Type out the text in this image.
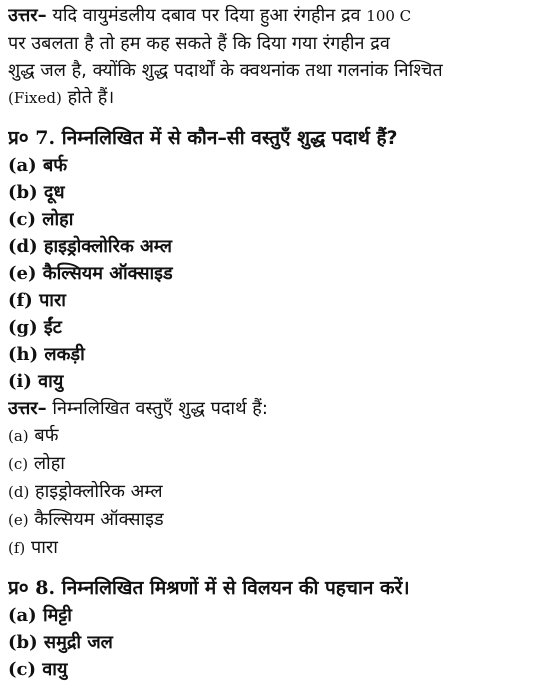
उत्तर– यदि वायुमंडलीय दबाव पर दिया हुआ रंगहीन द्रव 100 C

पर उबलता है तो हम कह सकते हैं कि दिया गया रंगहीन द्रव

शुद्ध जल है, क्योंकि शुद्ध पदार्थों के क्‍वथनांक तथा गलनांक निश्चित

(Fixed) होते हैं।

प्र० 7. निम्नलिखित में से कौन–सी वस्तुएँ शुद्ध पदार्थ हैं?

(a) बर्फ

(b) दूध

(c) लोहा

(d) हाइड्रोक्लोरिक अम्ल

(e) कैल्सियम ऑक्साइड

(f) पारा

(g) ईंट

(h) लकड़ी

(i) वायु

उत्तर– निम्नलिखित वस्तुएँ शुद्ध पदार्थ हैं:

(a) बर्फ

(c) लोहा

(d) हाइड्रोक्लोरिक अम्ल

(e) कैल्सियम ऑक्साइड

(f) पारा

प्र० 8. निम्नलिखित मिश्रणों में से विलयन की पहचान करें।

(a) मिट्टी

(b) समुद्री जल

(c) वायु
